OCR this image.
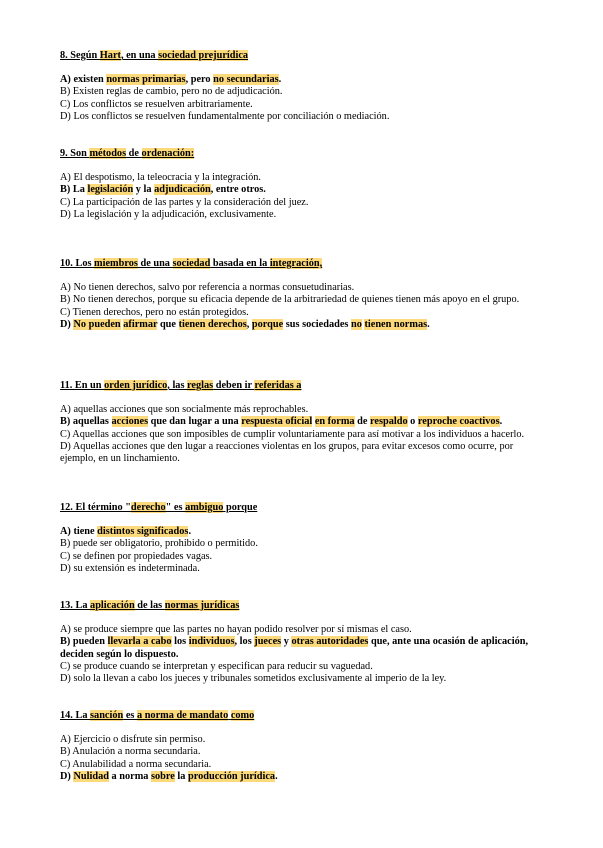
8. Según Hart, en una sociedad prejurídica
A) existen normas primarias, pero no secundarias.
B) Existen reglas de cambio, pero no de adjudicación.
C) Los conflictos se resuelven arbitrariamente.
D) Los conflictos se resuelven fundamentalmente por conciliación o mediación.
9. Son métodos de ordenación:
A) El despotismo, la teleocracia y la integración.
B) La legislación y la adjudicación, entre otros.
C) La participación de las partes y la consideración del juez.
D) La legislación y la adjudicación, exclusivamente.
10. Los miembros de una sociedad basada en la integración,
A) No tienen derechos, salvo por referencia a normas consuetudinarias.
B) No tienen derechos, porque su eficacia depende de la arbitrariedad de quienes tienen más apoyo en el grupo.
C) Tienen derechos, pero no están protegidos.
D) No pueden afirmar que tienen derechos, porque sus sociedades no tienen normas.
11. En un orden jurídico, las reglas deben ir referidas a
A) aquellas acciones que son socialmente más reprochables.
B) aquellas acciones que dan lugar a una respuesta oficial en forma de respaldo o reproche coactivos.
C) Aquellas acciones que son imposibles de cumplir voluntariamente para así motivar a los individuos a hacerlo.
D) Aquellas acciones que den lugar a reacciones violentas en los grupos, para evitar excesos como ocurre, por ejemplo, en un linchamiento.
12. El término "derecho" es ambiguo porque
A) tiene distintos significados.
B) puede ser obligatorio, prohibido o permitido.
C) se definen por propiedades vagas.
D) su extensión es indeterminada.
13. La aplicación de las normas jurídicas
A) se produce siempre que las partes no hayan podido resolver por sí mismas el caso.
B) pueden llevarla a cabo los individuos, los jueces y otras autoridades que, ante una ocasión de aplicación, deciden según lo dispuesto.
C) se produce cuando se interpretan y especifican para reducir su vaguedad.
D) solo la llevan a cabo los jueces y tribunales sometidos exclusivamente al imperio de la ley.
14. La sanción es a norma de mandato como
A) Ejercicio o disfrute sin permiso.
B) Anulación a norma secundaria.
C) Anulabilidad a norma secundaria.
D) Nulidad a norma sobre la producción jurídica.
